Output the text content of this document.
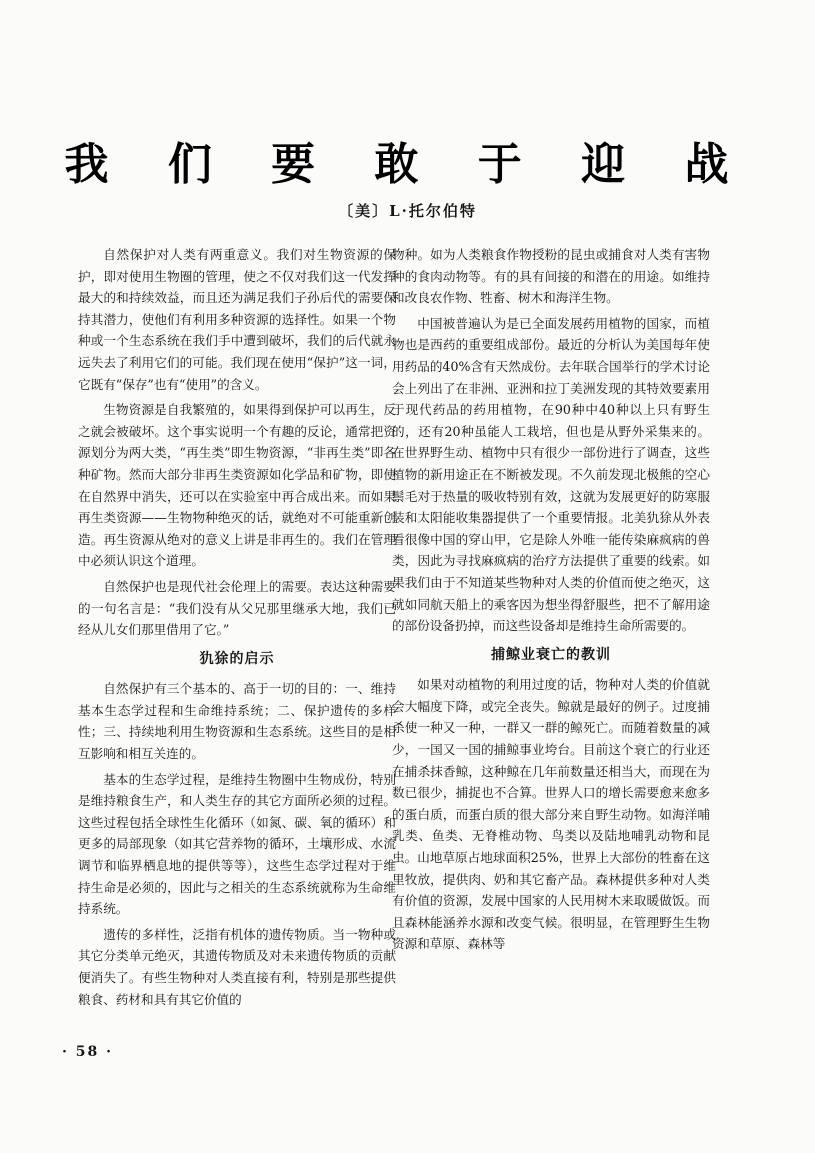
我 们 要 敢 于 迎 战

〔美〕L·托尔伯特

自然保护对人类有两重意义。我们对生物资源的保护，即对使用生物圈的管理，使之不仅对我们这一代发挥最大的和持续效益，而且还为满足我们子孙后代的需要保持其潜力，使他们有利用多种资源的选择性。如果一个物种或一个生态系统在我们手中遭到破坏，我们的后代就永远失去了利用它们的可能。我们现在使用“保护”这一词，它既有“保存”也有“使用”的含义。

生物资源是自我繁殖的，如果得到保护可以再生，反之就会被破坏。这个事实说明一个有趣的反论，通常把资源划分为两大类，“再生类”即生物资源，“非再生类”即各种矿物。然而大部分非再生类资源如化学品和矿物，即使在自然界中消失，还可以在实验室中再合成出来。而如果再生类资源——生物物种绝灭的话，就绝对不可能重新创造。再生资源从绝对的意义上讲是非再生的。我们在管理中必须认识这个道理。

自然保护也是现代社会伦理上的需要。表达这种需要的一句名言是：“我们没有从父兄那里继承大地，我们已经从儿女们那里借用了它。”

犰狳的启示

自然保护有三个基本的、高于一切的目的：一、维持基本生态学过程和生命维持系统；二、保护遗传的多样性；三、持续地利用生物资源和生态系统。这些目的是相互影响和相互关连的。

基本的生态学过程，是维持生物圈中生物成份，特别是维持粮食生产，和人类生存的其它方面所必须的过程。这些过程包括全球性生化循环（如氮、碳、氧的循环）和更多的局部现象（如其它营养物的循环，土壤形成、水流调节和临界栖息地的提供等等），这些生态学过程对于维持生命是必须的，因此与之相关的生态系统就称为生命维持系统。

遗传的多样性，泛指有机体的遗传物质。当一物种或其它分类单元绝灭，其遗传物质及对未来遗传物质的贡献便消失了。有些生物种对人类直接有利，特别是那些提供粮食、药材和具有其它价值的

物种。如为人类粮食作物授粉的昆虫或捕食对人类有害物种的食肉动物等。有的具有间接的和潜在的用途。如维持和改良农作物、牲畜、树木和海洋生物。

中国被普遍认为是已全面发展药用植物的国家，而植物也是西药的重要组成部份。最近的分析认为美国每年使用药品的40%含有天然成份。去年联合国举行的学术讨论会上列出了在非洲、亚洲和拉丁美洲发现的其特效要素用于现代药品的药用植物，在90种中40种以上只有野生的，还有20种虽能人工栽培，但也是从野外采集来的。在世界野生动、植物中只有很少一部份进行了调查，这些植物的新用途正在不断被发现。不久前发现北极熊的空心鬃毛对于热量的吸收特别有效，这就为发展更好的防寒服装和太阳能收集器提供了一个重要情报。北美犰狳从外表看很像中国的穿山甲，它是除人外唯一能传染麻疯病的兽类，因此为寻找麻疯病的治疗方法提供了重要的线索。如果我们由于不知道某些物种对人类的价值而使之绝灭，这就如同航天船上的乘客因为想坐得舒服些，把不了解用途的部份设备扔掉，而这些设备却是维持生命所需要的。

捕鲸业衰亡的教训

如果对动植物的利用过度的话，物种对人类的价值就会大幅度下降，或完全丧失。鲸就是最好的例子。过度捕杀使一种又一种，一群又一群的鲸死亡。而随着数量的减少，一国又一国的捕鲸事业垮台。目前这个衰亡的行业还在捕杀抹香鲸，这种鲸在几年前数量还相当大，而现在为数已很少，捕捉也不合算。世界人口的增长需要愈来愈多的蛋白质，而蛋白质的很大部分来自野生动物。如海洋哺乳类、鱼类、无脊椎动物、鸟类以及陆地哺乳动物和昆虫。山地草原占地球面积25%，世界上大部份的牲畜在这里牧放，提供肉、奶和其它畜产品。森林提供多种对人类有价值的资源，发展中国家的人民用树木来取暖做饭。而且森林能涵养水源和改变气候。很明显，在管理野生生物资源和草原、森林等

· 58 ·
